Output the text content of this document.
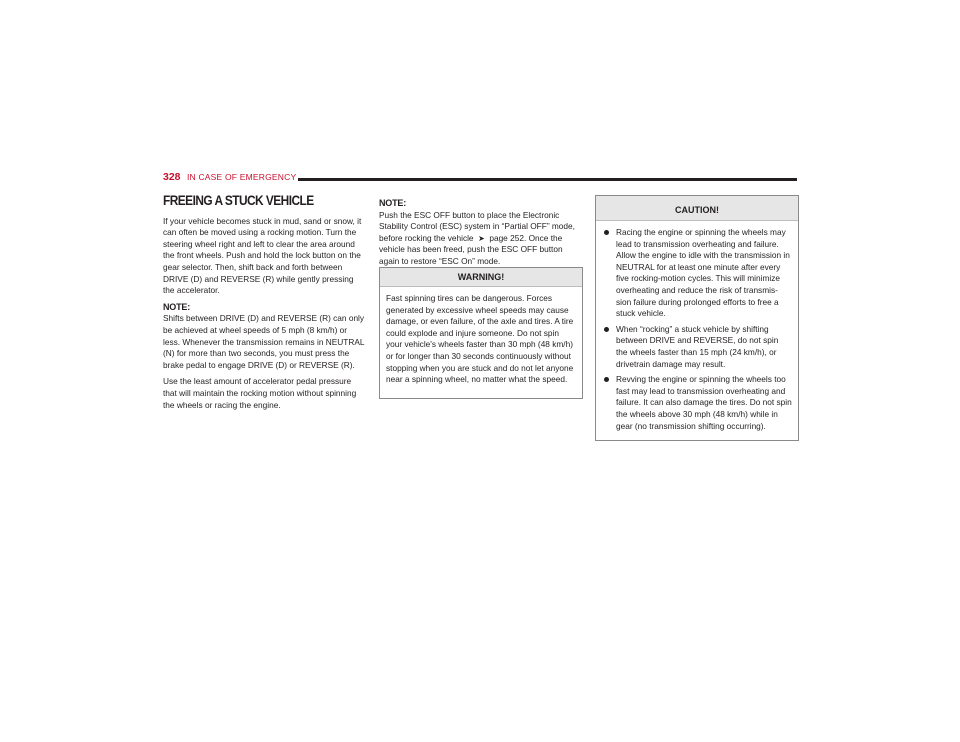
328 IN CASE OF EMERGENCY
FREEING A STUCK VEHICLE

If your vehicle becomes stuck in mud, sand or snow, it can often be moved using a rocking motion. Turn the steering wheel right and left to clear the area around the front wheels. Push and hold the lock button on the gear selector. Then, shift back and forth between DRIVE (D) and REVERSE (R) while gently pressing the accelerator.

NOTE:

Shifts between DRIVE (D) and REVERSE (R) can only be achieved at wheel speeds of 5 mph (8 km/h) or less. Whenever the transmission remains in NEUTRAL (N) for more than two seconds, you must press the brake pedal to engage DRIVE (D) or REVERSE (R).

Use the least amount of accelerator pedal pressure that will maintain the rocking motion without spinning the wheels or racing the engine.

NOTE:

Push the ESC OFF button to place the Electronic Stability Control (ESC) system in “Partial OFF” mode, before rocking the vehicle  ➤  page 252. Once the vehicle has been freed, push the ESC OFF button again to restore “ESC On” mode.

WARNING!
Fast spinning tires can be dangerous. Forces generated by excessive wheel speeds may cause damage, or even failure, of the axle and tires. A tire could explode and injure someone. Do not spin your vehicle's wheels faster than 30 mph (48 km/h) or for longer than 30 seconds continuously without stopping when you are stuck and do not let anyone near a spinning wheel, no matter what the speed.
CAUTION!
Racing the engine or spinning the wheels may lead to transmission overheating and failure. Allow the engine to idle with the transmission in NEUTRAL for at least one minute after every five rocking-motion cycles. This will minimize overheating and reduce the risk of transmis-sion failure during prolonged efforts to free a stuck vehicle.
When “rocking” a stuck vehicle by shifting between DRIVE and REVERSE, do not spin the wheels faster than 15 mph (24 km/h), or drivetrain damage may result.
Revving the engine or spinning the wheels too fast may lead to transmission overheating and failure. It can also damage the tires. Do not spin the wheels above 30 mph (48 km/h) while in gear (no transmission shifting occurring).
